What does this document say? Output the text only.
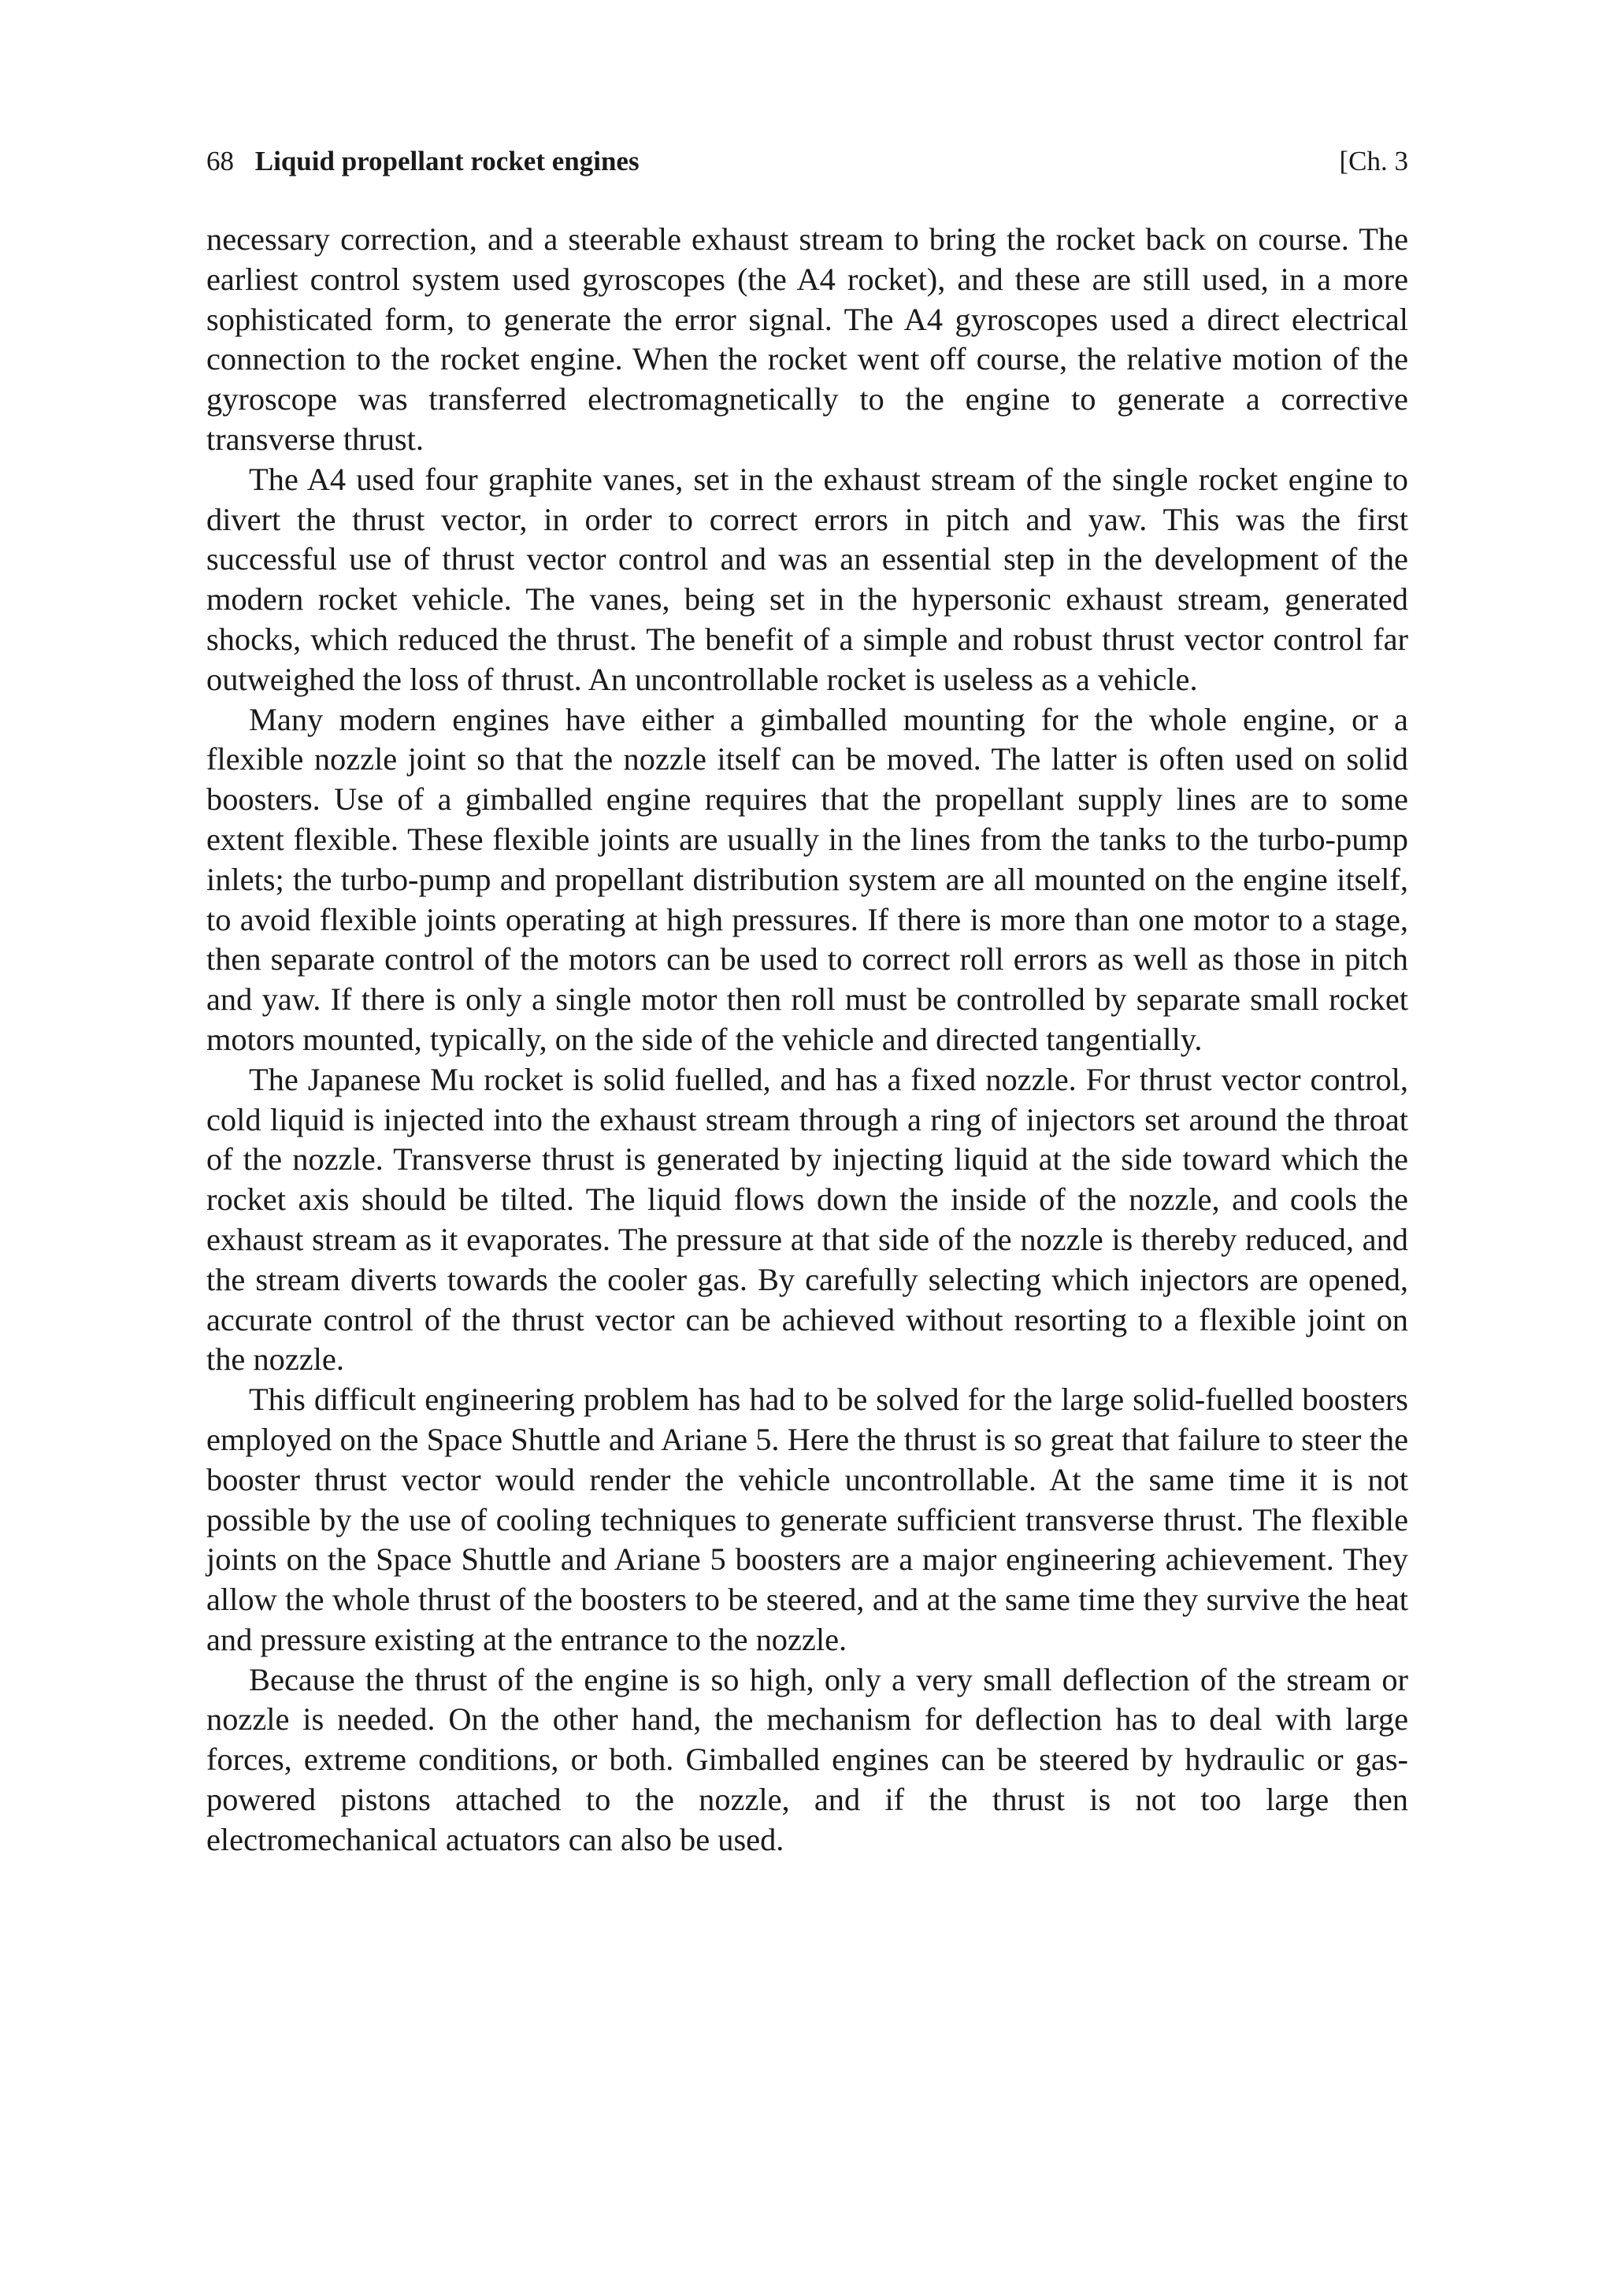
68 Liquid propellant rocket engines	[Ch. 3

necessary correction, and a steerable exhaust stream to bring the rocket back on course. The earliest control system used gyroscopes (the A4 rocket), and these are still used, in a more sophisticated form, to generate the error signal. The A4 gyroscopes used a direct electrical connection to the rocket engine. When the rocket went off course, the relative motion of the gyroscope was transferred electromagnetically to the engine to generate a corrective transverse thrust.

The A4 used four graphite vanes, set in the exhaust stream of the single rocket engine to divert the thrust vector, in order to correct errors in pitch and yaw. This was the first successful use of thrust vector control and was an essential step in the development of the modern rocket vehicle. The vanes, being set in the hypersonic exhaust stream, generated shocks, which reduced the thrust. The benefit of a simple and robust thrust vector control far outweighed the loss of thrust. An uncontrollable rocket is useless as a vehicle.

Many modern engines have either a gimballed mounting for the whole engine, or a flexible nozzle joint so that the nozzle itself can be moved. The latter is often used on solid boosters. Use of a gimballed engine requires that the propellant supply lines are to some extent flexible. These flexible joints are usually in the lines from the tanks to the turbo-pump inlets; the turbo-pump and propellant distribution system are all mounted on the engine itself, to avoid flexible joints operating at high pressures. If there is more than one motor to a stage, then separate control of the motors can be used to correct roll errors as well as those in pitch and yaw. If there is only a single motor then roll must be controlled by separate small rocket motors mounted, typically, on the side of the vehicle and directed tangentially.

The Japanese Mu rocket is solid fuelled, and has a fixed nozzle. For thrust vector control, cold liquid is injected into the exhaust stream through a ring of injectors set around the throat of the nozzle. Transverse thrust is generated by injecting liquid at the side toward which the rocket axis should be tilted. The liquid flows down the inside of the nozzle, and cools the exhaust stream as it evaporates. The pressure at that side of the nozzle is thereby reduced, and the stream diverts towards the cooler gas. By carefully selecting which injectors are opened, accurate control of the thrust vector can be achieved without resorting to a flexible joint on the nozzle.

This difficult engineering problem has had to be solved for the large solid-fuelled boosters employed on the Space Shuttle and Ariane 5. Here the thrust is so great that failure to steer the booster thrust vector would render the vehicle uncontrollable. At the same time it is not possible by the use of cooling techniques to generate sufficient transverse thrust. The flexible joints on the Space Shuttle and Ariane 5 boosters are a major engineering achievement. They allow the whole thrust of the boosters to be steered, and at the same time they survive the heat and pressure existing at the entrance to the nozzle.

Because the thrust of the engine is so high, only a very small deflection of the stream or nozzle is needed. On the other hand, the mechanism for deflection has to deal with large forces, extreme conditions, or both. Gimballed engines can be steered by hydraulic or gas-powered pistons attached to the nozzle, and if the thrust is not too large then electromechanical actuators can also be used.
